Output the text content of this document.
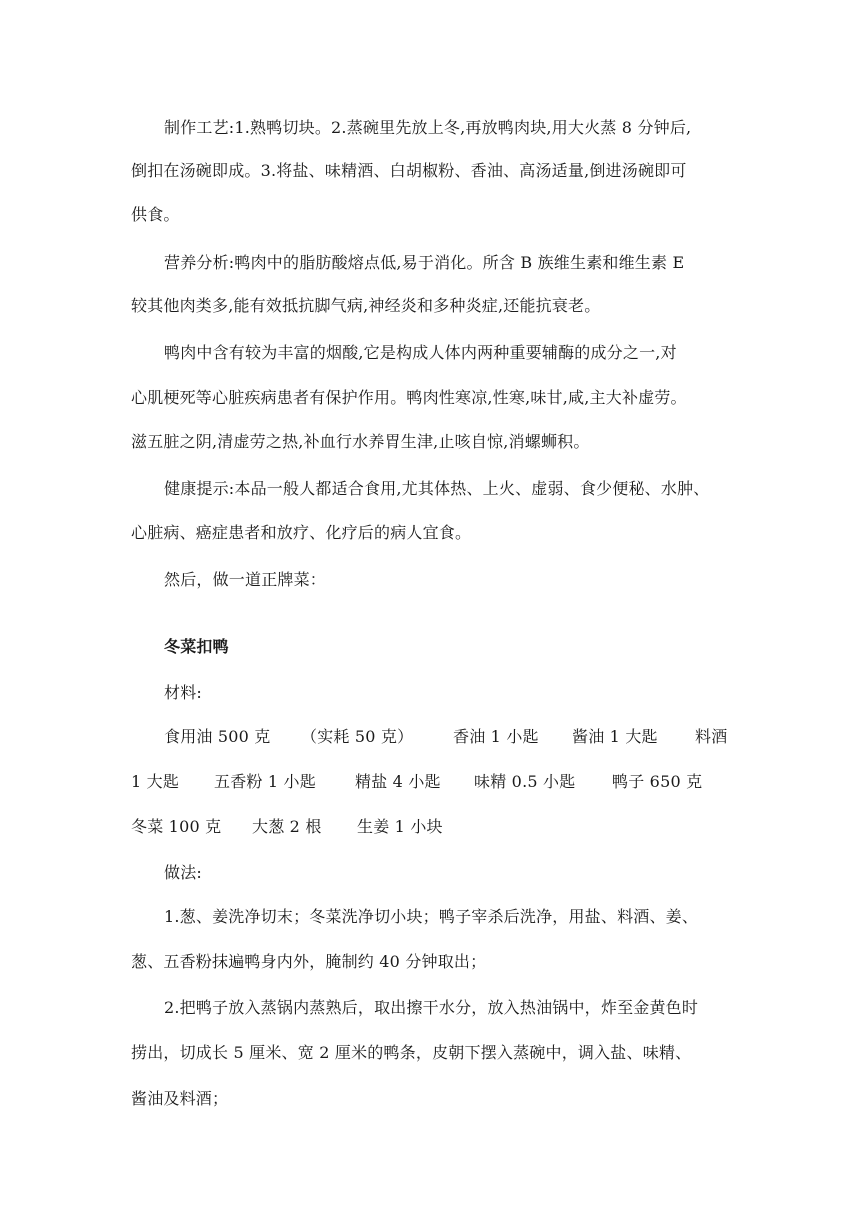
制作工艺:1.熟鸭切块。2.蒸碗里先放上冬,再放鸭肉块,用大火蒸 8 分钟后,
倒扣在汤碗即成。3.将盐、味精酒、白胡椒粉、香油、高汤适量,倒进汤碗即可
供食。
营养分析:鸭肉中的脂肪酸熔点低,易于消化。所含 B 族维生素和维生素 E
较其他肉类多,能有效抵抗脚气病,神经炎和多种炎症,还能抗衰老。
鸭肉中含有较为丰富的烟酸,它是构成人体内两种重要辅酶的成分之一,对
心肌梗死等心脏疾病患者有保护作用。鸭肉性寒凉,性寒,味甘,咸,主大补虚劳。
滋五脏之阴,清虚劳之热,补血行水养胃生津,止咳自惊,消螺蛳积。
健康提示:本品一般人都适合食用,尤其体热、上火、虚弱、食少便秘、水肿、
心脏病、癌症患者和放疗、化疗后的病人宜食。
然后，做一道正牌菜：
冬菜扣鸭
材料:
食用油 500 克 （实耗 50 克） 香油 1 小匙 酱油 1 大匙 料酒
1 大匙 五香粉 1 小匙 精盐 4 小匙 味精 0.5 小匙 鸭子 650 克
冬菜 100 克 大葱 2 根 生姜 1 小块
做法:
1.葱、姜洗净切末；冬菜洗净切小块；鸭子宰杀后洗净，用盐、料酒、姜、
葱、五香粉抹遍鸭身内外，腌制约 40 分钟取出；
2.把鸭子放入蒸锅内蒸熟后，取出擦干水分，放入热油锅中，炸至金黄色时
捞出，切成长 5 厘米、宽 2 厘米的鸭条，皮朝下摆入蒸碗中，调入盐、味精、
酱油及料酒；
